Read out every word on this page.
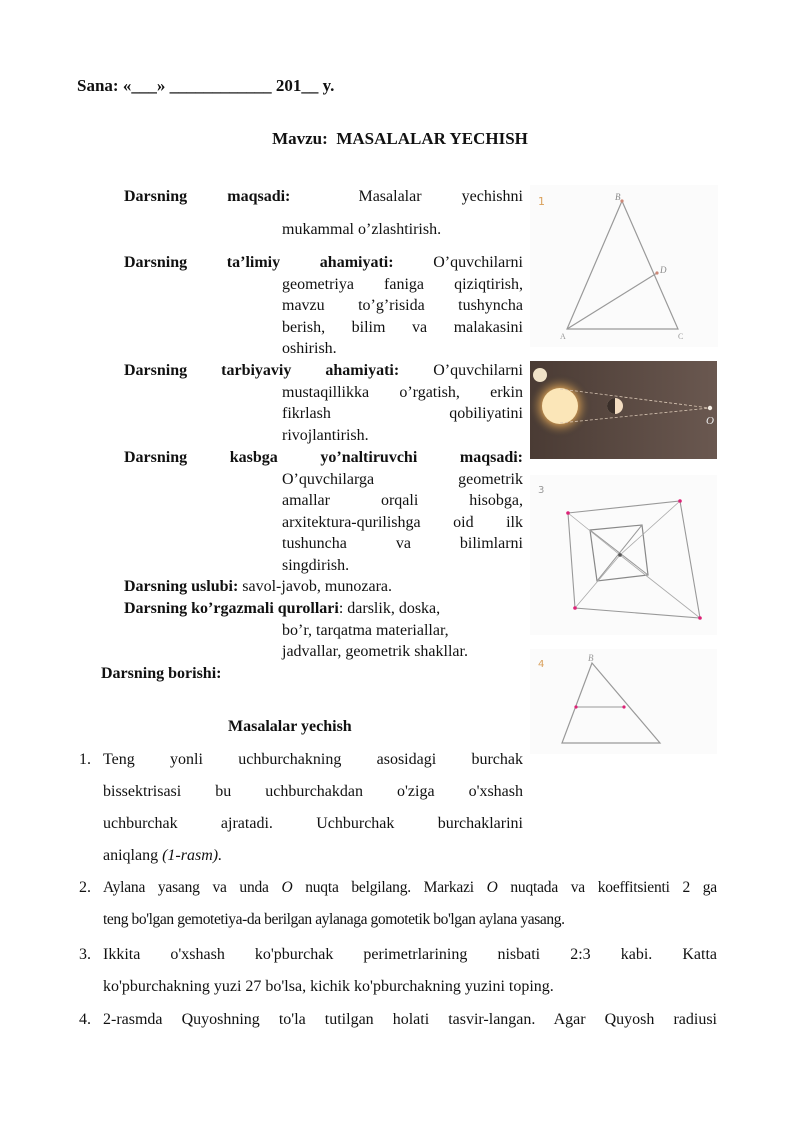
Sana: «___» ____________ 201__ y.
Mavzu: MASALALAR YECHISH
Darsning	maqsadi:	Masalalar	yechishni
mukammal o’zlashtirish.
Darsning ta’limiy ahamiyati: O’quvchilarni
geometriya faniga qiziqtirish,
mavzu to’g’risida tushyncha
berish, bilim va malakasini
oshirish.
Darsning tarbiyaviy ahamiyati: O’quvchilarni
mustaqillikka o’rgatish, erkin
fikrlash qobiliyatini
rivojlantirish.
Darsning	kasbga	yo’naltiruvchi	maqsadi:
O’quvchilarga geometrik
amallar orqali hisobga,
arxitektura-qurilishga oid ilk
tushuncha va bilimlarni
singdirish.
Darsning uslubi: savol-javob, munozara.
Darsning ko’rgazmali qurollari: darslik, doska,
bo’r, tarqatma materiallar,
jadvallar, geometrik shakllar.
Darsning borishi:
1	B
D
A	C
O
3
4
B
Masalalar yechish
1. Teng yonli uchburchakning asosidagi burchak
bissektrisasi bu uchburchakdan o'ziga o'xshash
uchburchak ajratadi. Uchburchak burchaklarini
aniqlang (1-rasm).
2. Aylana yasang va unda O nuqta belgilang. Markazi O nuqtada va koeffitsienti 2 ga
teng bo'lgan gemotetiya-da berilgan aylanaga gomotetik bo'lgan aylana yasang.
3. Ikkita o'xshash ko'pburchak perimetrlarining nisbati 2:3 kabi. Katta
ko'pburchakning yuzi 27 bo'lsa, kichik ko'pburchakning yuzini toping.
4. 2-rasmda Quyoshning to'la tutilgan holati tasvir-langan. Agar Quyosh radiusi
